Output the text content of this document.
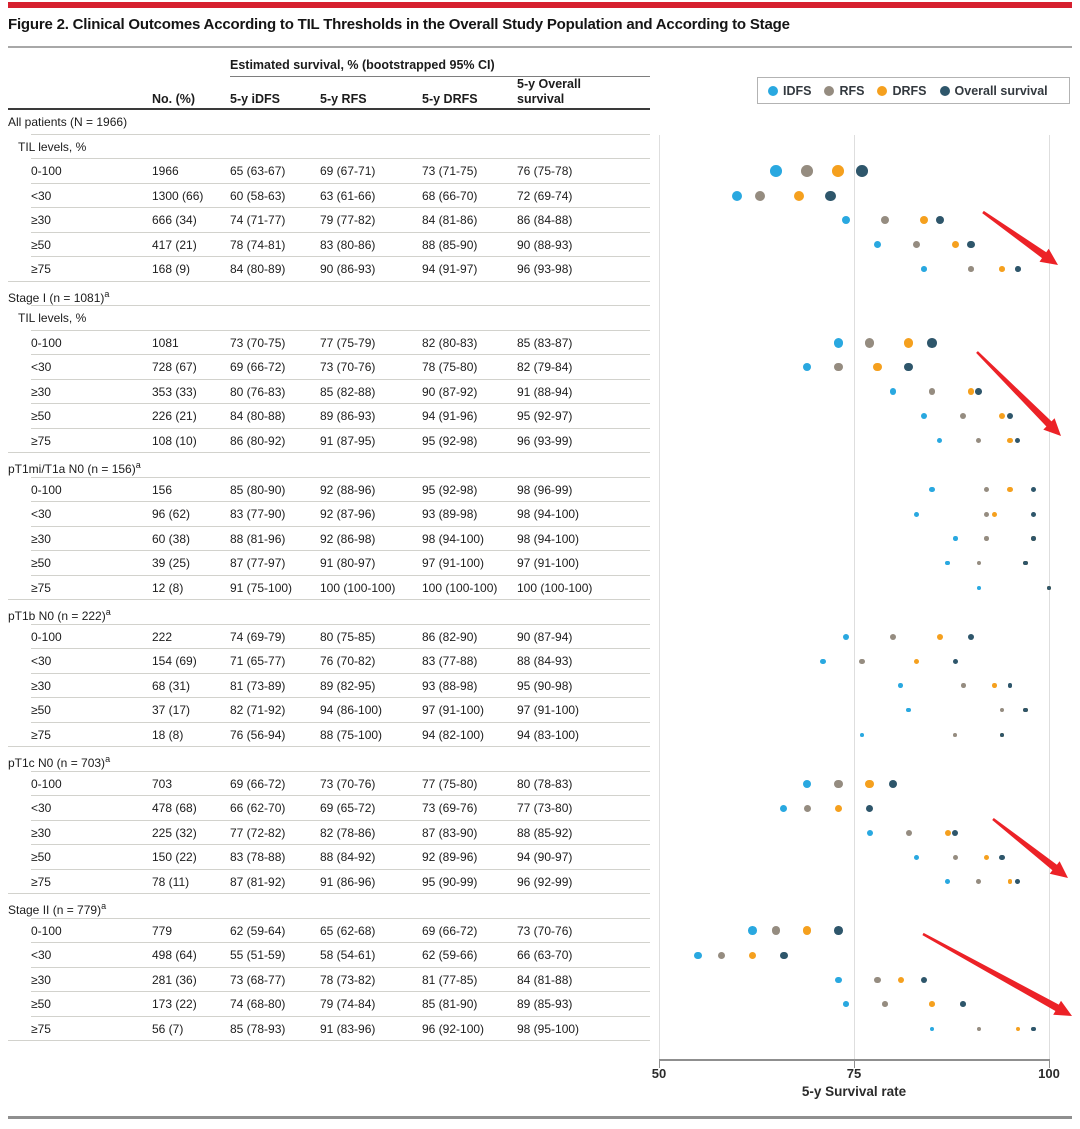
Figure 2. Clinical Outcomes According to TIL Thresholds in the Overall Study Population and According to Stage
Estimated survival, % (bootstrapped 95% CI)
No. (%)	5-y iDFS	5-y RFS	5-y DRFS
5-y Overall survival
IDFS RFS DRFS Overall survival
All patients (N = 1966)
TIL levels, %
0-100	1966	65 (63-67)	69 (67-71)	73 (71-75)	76 (75-78)
<30	1300 (66) 60 (58-63)	63 (61-66)	68 (66-70)	72 (69-74)
≥30	666 (34)	74 (71-77)	79 (77-82)	84 (81-86)	86 (84-88)
≥50	417 (21)	78 (74-81)	83 (80-86)	88 (85-90)	90 (88-93)
≥75	168 (9)	84 (80-89)	90 (86-93)	94 (91-97)	96 (93-98)
Stage I (n = 1081)$^a$
TIL levels, %
0-100	1081	73 (70-75)	77 (75-79)	82 (80-83)	85 (83-87)
<30	728 (67)	69 (66-72)	73 (70-76)	78 (75-80)	82 (79-84)
≥30	353 (33)	80 (76-83)	85 (82-88)	90 (87-92)	91 (88-94)
≥50	226 (21)	84 (80-88)	89 (86-93)	94 (91-96)	95 (92-97)
≥75	108 (10)	86 (80-92)	91 (87-95)	95 (92-98)	96 (93-99)
pT1mi/T1a N0 (n = 156)$^a$
0-100	156	85 (80-90)	92 (88-96)	95 (92-98)	98 (96-99)
<30	96 (62)	83 (77-90)	92 (87-96)	93 (89-98)	98 (94-100)
≥30	60 (38)	88 (81-96)	92 (86-98)	98 (94-100)	98 (94-100)
≥50	39 (25)	87 (77-97)	91 (80-97)	97 (91-100)	97 (91-100)
≥75	12 (8)	91 (75-100) 100 (100-100) 100 (100-100) 100 (100-100)
pT1b N0 (n = 222)$^a$
0-100	222	74 (69-79)	80 (75-85)	86 (82-90)	90 (87-94)
<30	154 (69)	71 (65-77)	76 (70-82)	83 (77-88)	88 (84-93)
≥30	68 (31)	81 (73-89)	89 (82-95)	93 (88-98)	95 (90-98)
≥50	37 (17)	82 (71-92)	94 (86-100)	97 (91-100)	97 (91-100)
≥75	18 (8)	76 (56-94)	88 (75-100)	94 (82-100)	94 (83-100)
pT1c N0 (n = 703)$^a$
0-100	703	69 (66-72)	73 (70-76)	77 (75-80)	80 (78-83)
<30	478 (68)	66 (62-70)	69 (65-72)	73 (69-76)	77 (73-80)
≥30	225 (32)	77 (72-82)	82 (78-86)	87 (83-90)	88 (85-92)
≥50	150 (22)	83 (78-88)	88 (84-92)	92 (89-96)	94 (90-97)
≥75	78 (11)	87 (81-92)	91 (86-96)	95 (90-99)	96 (92-99)
Stage II (n = 779)$^a$
0-100	779	62 (59-64)	65 (62-68)	69 (66-72)	73 (70-76)
<30	498 (64)	55 (51-59)	58 (54-61)	62 (59-66)	66 (63-70)
≥30	281 (36)	73 (68-77)	78 (73-82)	81 (77-85)	84 (81-88)
≥50	173 (22)	74 (68-80)	79 (74-84)	85 (81-90)	89 (85-93)
≥75	56 (7)	85 (78-93)	91 (83-96)	96 (92-100)	98 (95-100)
50	75	100
5-y Survival rate
